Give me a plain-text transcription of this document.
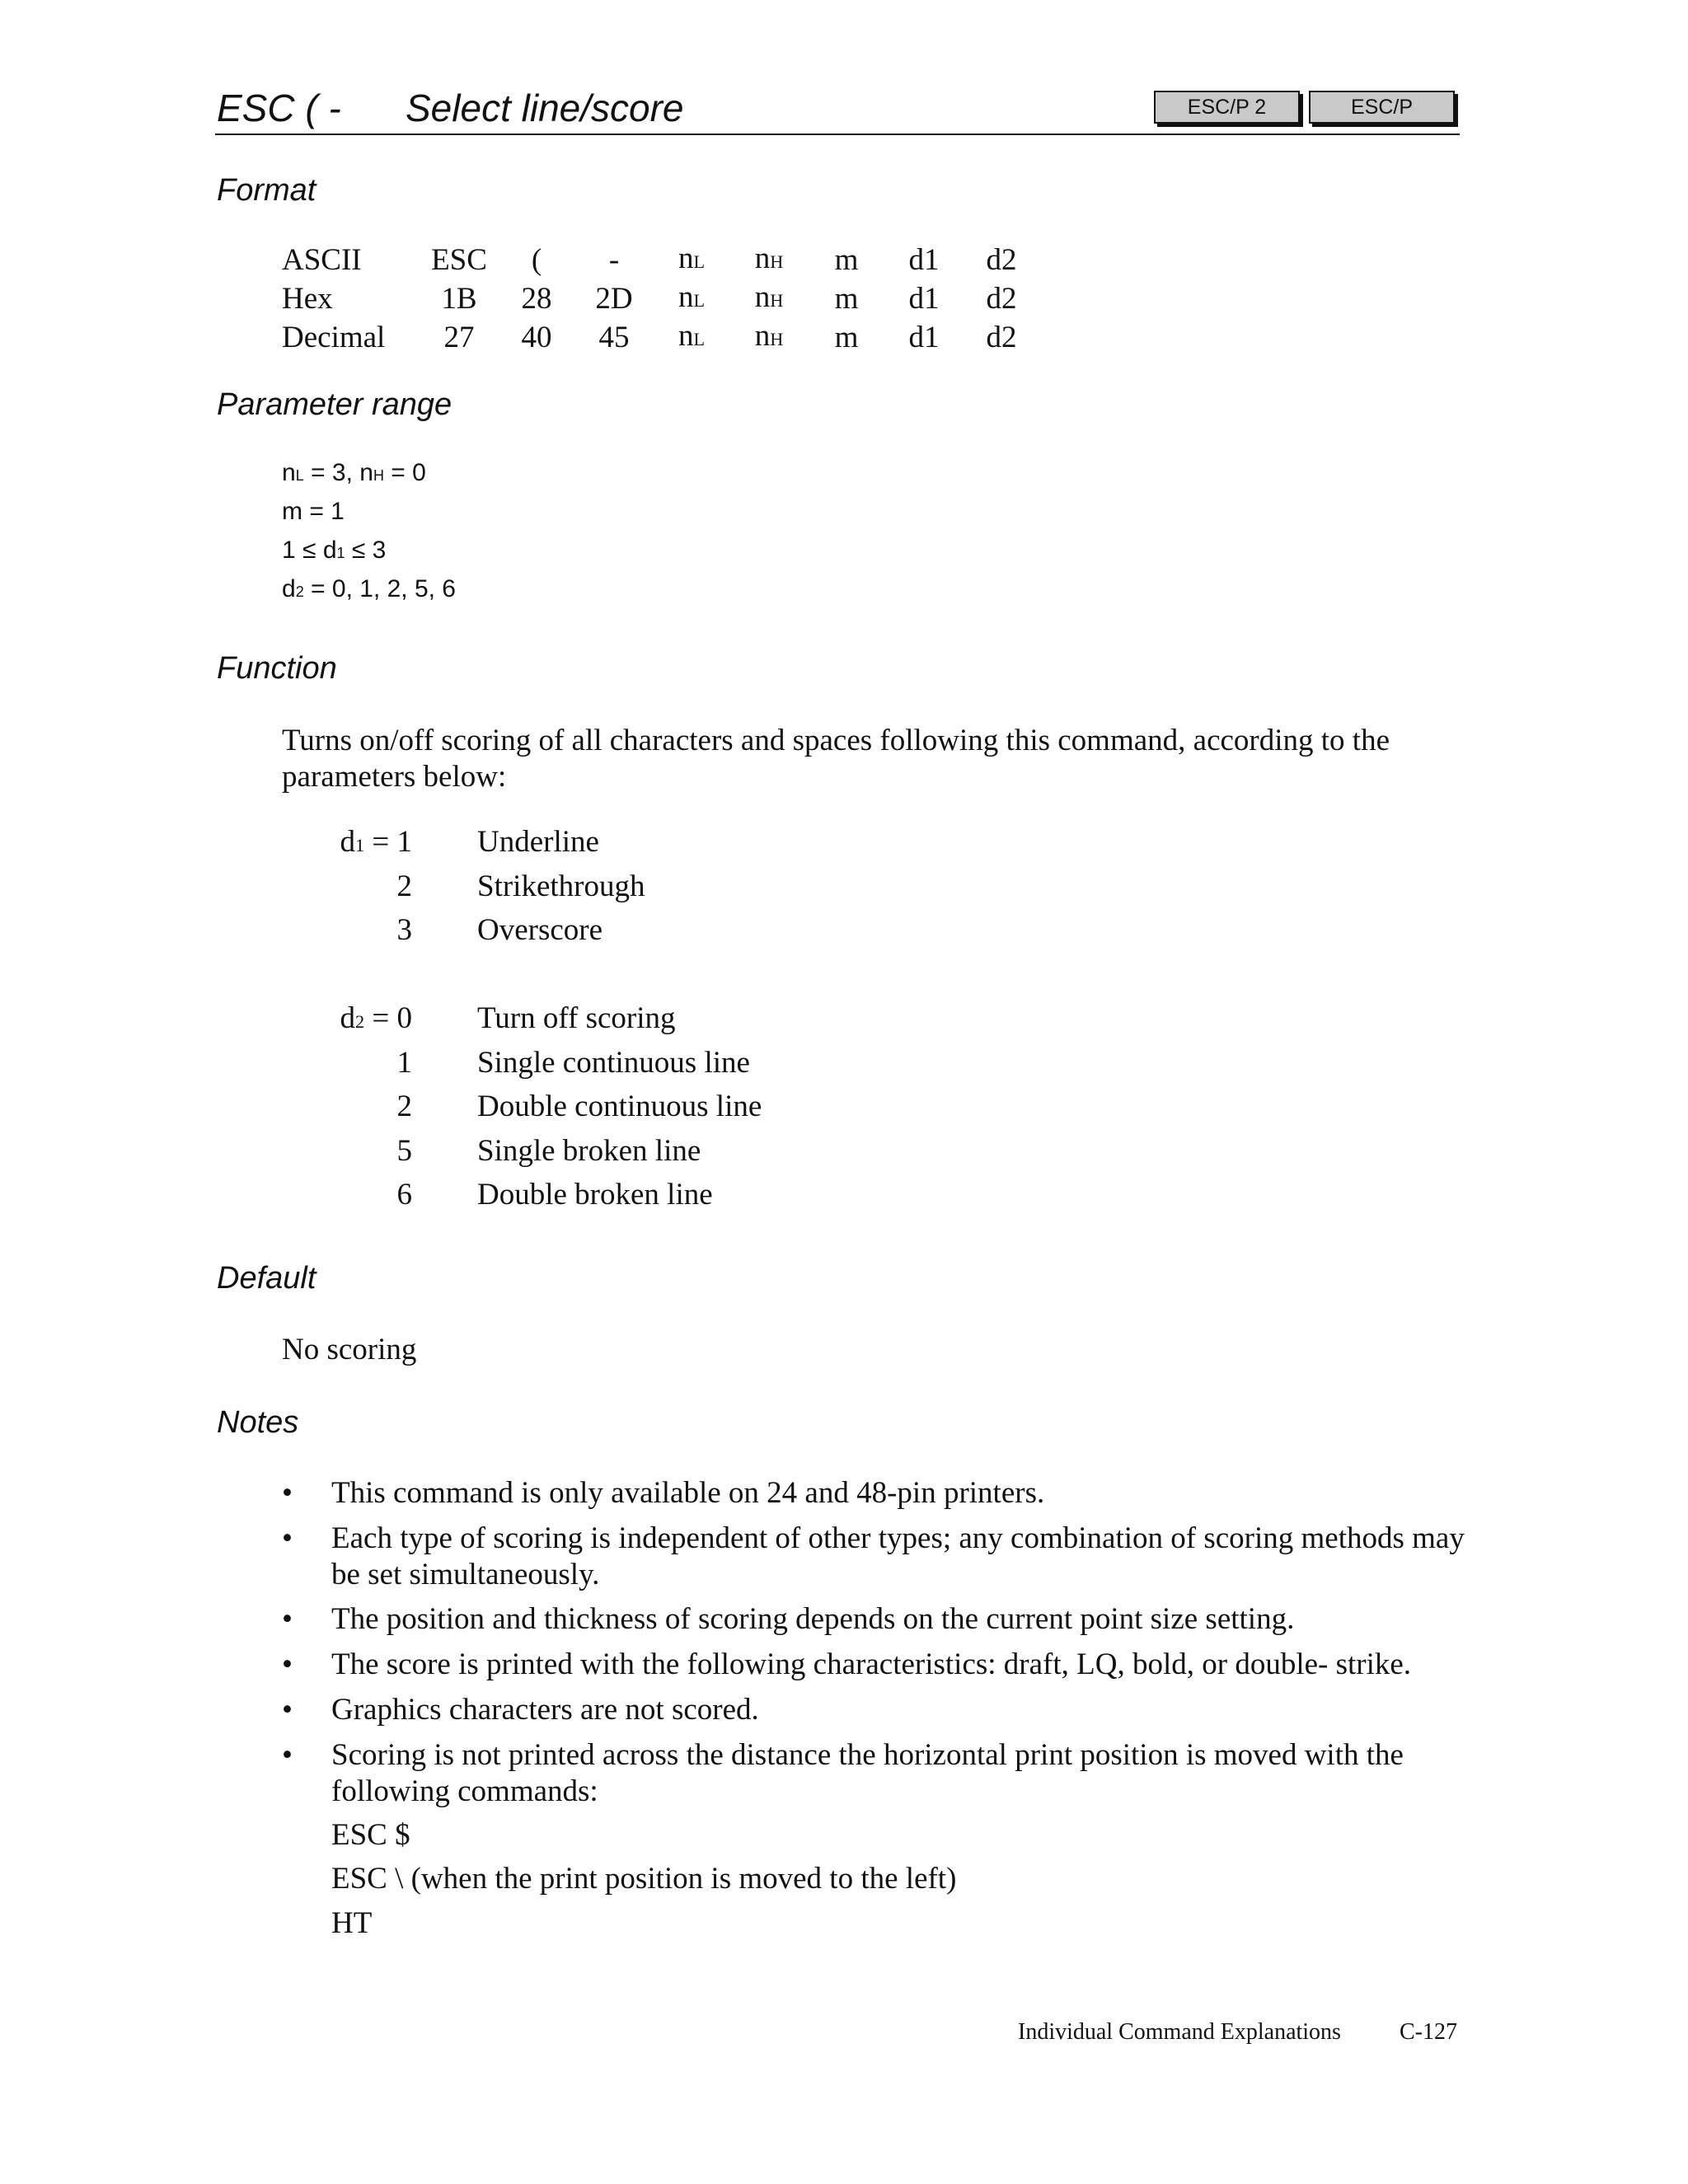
ESC ( - Select line/score	ESC/P 2	ESC/P
Format
ASCII	ESC	(	-	nL	nH	m	d1	d2
Hex	1B	28	2D	nL	nH	m	d1	d2
Decimal	27	40	45	nL	nH	m	d1	d2
Parameter range
nL = 3, nH = 0
m = 1
1 ≤ d1 ≤ 3
d2 = 0, 1, 2, 5, 6
Function
Turns on/off scoring of all characters and spaces following this command, according to the parameters below:
d1 = 1 Underline
2 Strikethrough
3 Overscore
d2 = 0 Turn off scoring
1 Single continuous line
2 Double continuous line
5 Single broken line
6 Double broken line
Default
No scoring
Notes
• This command is only available on 24 and 48-pin printers.
• Each type of scoring is independent of other types; any combination of scoring methods may be set simultaneously.
• The position and thickness of scoring depends on the current point size setting.
• The score is printed with the following characteristics: draft, LQ, bold, or double- strike.
• Graphics characters are not scored.
• Scoring is not printed across the distance the horizontal print position is moved with the following commands:
ESC $
ESC \ (when the print position is moved to the left)
HT
Individual Command Explanations	C-127
